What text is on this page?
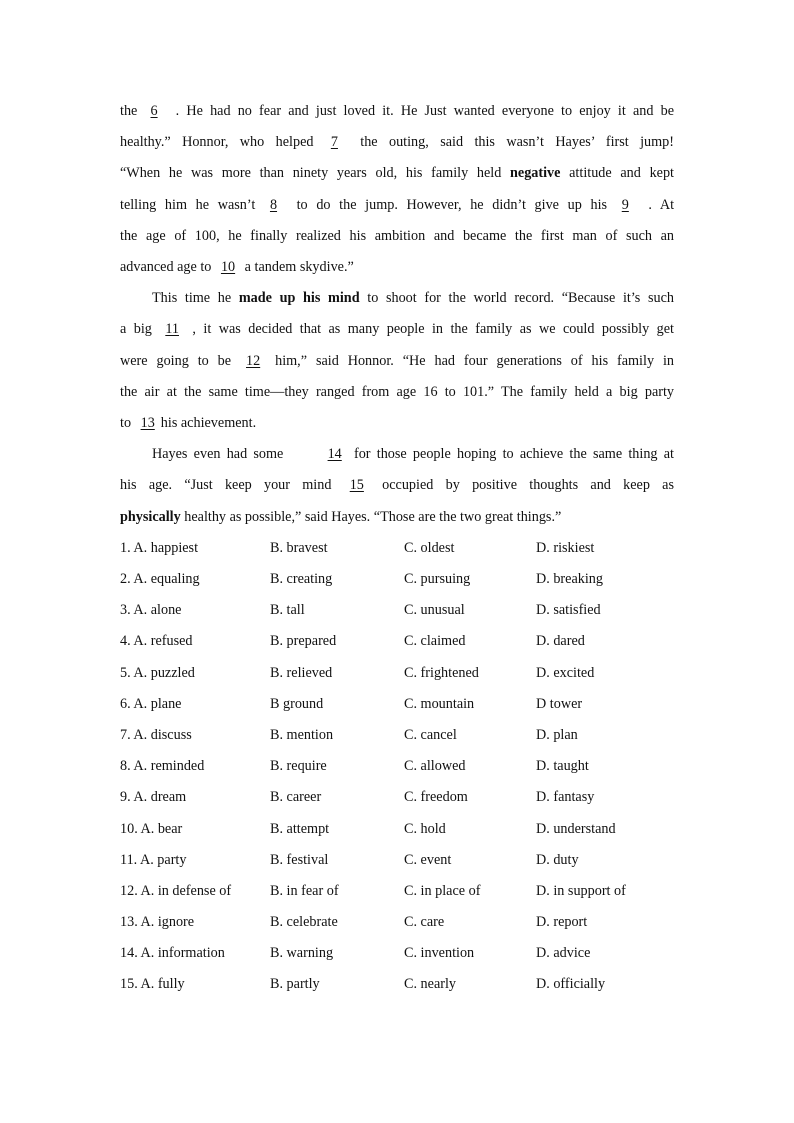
the 6 . He had no fear and just loved it. He Just wanted everyone to enjoy it and be
healthy.” Honnor, who helped 7 the outing, said this wasn’t Hayes’ first jump!
“When he was more than ninety years old, his family held negative attitude and kept
telling him he wasn’t 8 to do the jump. However, he didn’t give up his 9 . At
the age of 100, he finally realized his ambition and became the first man of such an
advanced age to 10 a tandem skydive.”
This time he made up his mind to shoot for the world record. “Because it’s such
a big 11 , it was decided that as many people in the family as we could possibly get
were going to be 12 him,” said Honnor. “He had four generations of his family in
the air at the same time—they ranged from age 16 to 101.” The family held a big party
to 13 his achievement.
Hayes even had some	14 for those people hoping to achieve the same thing at
his age. “Just keep your mind 15 occupied by positive thoughts and keep as
physically healthy as possible,” said Hayes. “Those are the two great things.”
1. A. happiest	B. bravest	C. oldest	D. riskiest
2. A. equaling	B. creating	C. pursuing	D. breaking
3. A. alone	B. tall	C. unusual	D. satisfied
4. A. refused	B. prepared	C. claimed	D. dared
5. A. puzzled	B. relieved	C. frightened	D. excited
6. A. plane	B ground	C. mountain	D tower
7. A. discuss	B. mention	C. cancel	D. plan
8. A. reminded	B. require	C. allowed	D. taught
9. A. dream	B. career	C. freedom	D. fantasy
10. A. bear	B. attempt	C. hold	D. understand
11. A. party	B. festival	C. event	D. duty
12. A. in defense of	B. in fear of	C. in place of	D. in support of
13. A. ignore	B. celebrate	C. care	D. report
14. A. information	B. warning	C. invention	D. advice
15. A. fully	B. partly	C. nearly	D. officially
